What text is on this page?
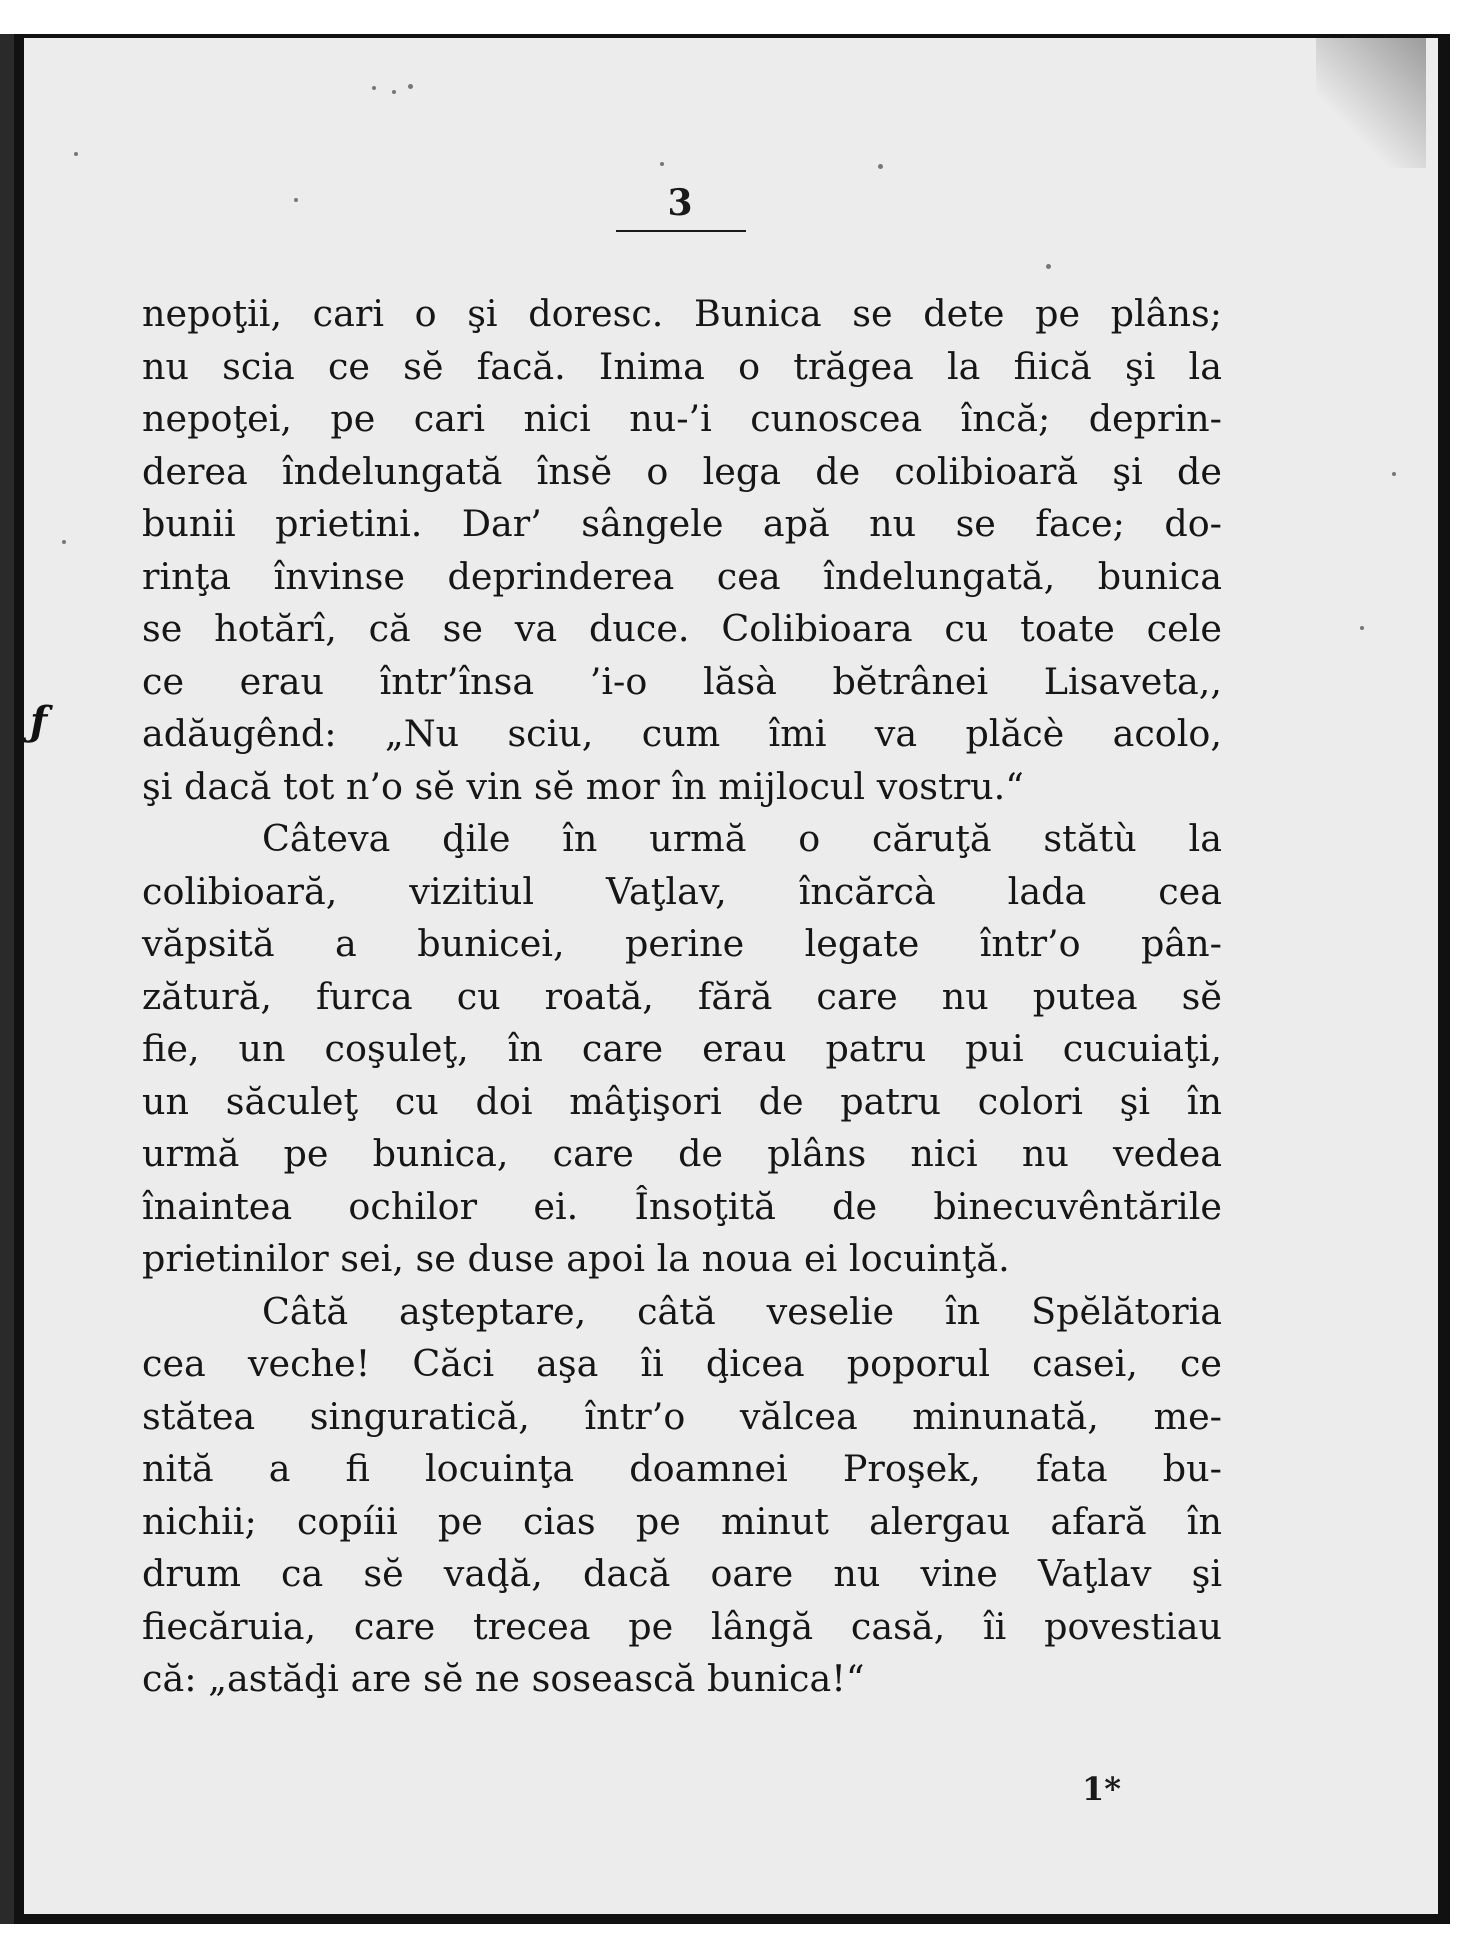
ƒ
3
nepoţii, cari o şi doresc. Bunica se dete pe plâns;
nu scia ce sĕ facă. Inima o trăgea la fiică şi la
nepoţei, pe cari nici nu-’i cunoscea încă; deprin-
derea îndelungată însĕ o lega de colibioară şi de
bunii prietini. Dar’ sângele apă nu se face; do-
rinţa învinse deprinderea cea îndelungată, bunica
se hotărî, că se va duce. Colibioara cu toate cele
ce erau într’însa ’i-o lăsà bĕtrânei Lisaveta,,
adăugênd: „Nu sciu, cum îmi va plăcè acolo,
şi dacă tot n’o sĕ vin sĕ mor în mijlocul vostru.“
Câteva ḑile în urmă o căruţă stătù la
colibioară, vizitiul Vaţlav, încărcà lada cea
văpsită a bunicei, perine legate într’o pân-
zătură, furca cu roată, fără care nu putea sĕ
fie, un coşuleţ, în care erau patru pui cucuiaţi,
un săculeţ cu doi mâţişori de patru colori şi în
urmă pe bunica, care de plâns nici nu vedea
înaintea ochilor ei. Însoţită de binecuvêntările
prietinilor sei, se duse apoi la noua ei locuinţă.
Câtă aşteptare, câtă veselie în Spĕlătoria
cea veche! Căci aşa îi ḑicea poporul casei, ce
stătea singuratică, într’o vălcea minunată, me-
nită a fi locuinţa doamnei Proşek, fata bu-
nichii; copíii pe cias pe minut alergau afară în
drum ca sĕ vaḑă, dacă oare nu vine Vaţlav şi
fiecăruia, care trecea pe lângă casă, îi povestiau
că: „astăḑi are sĕ ne sosească bunica!“
1*
